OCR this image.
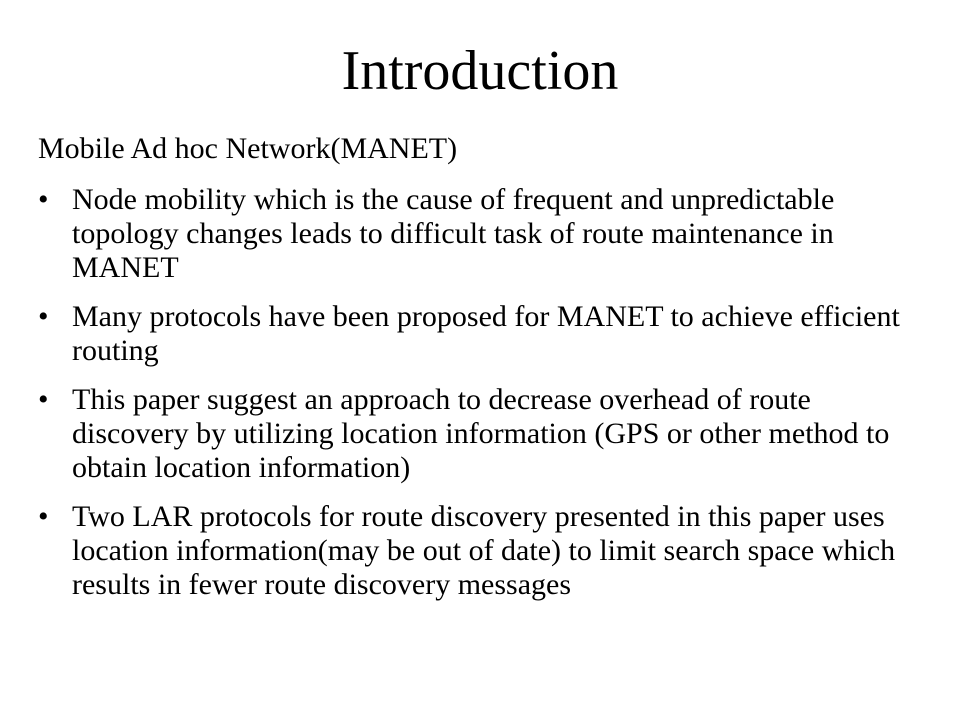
Introduction

Mobile Ad hoc Network(MANET)

• Node mobility which is the cause of frequent and unpredictable topology changes leads to difficult task of route maintenance in MANET
• Many protocols have been proposed for MANET to achieve efficient routing
• This paper suggest an approach to decrease overhead of route discovery by utilizing location information (GPS or other method to obtain location information)
• Two LAR protocols for route discovery presented in this paper uses location information(may be out of date) to limit search space which results in fewer route discovery messages
